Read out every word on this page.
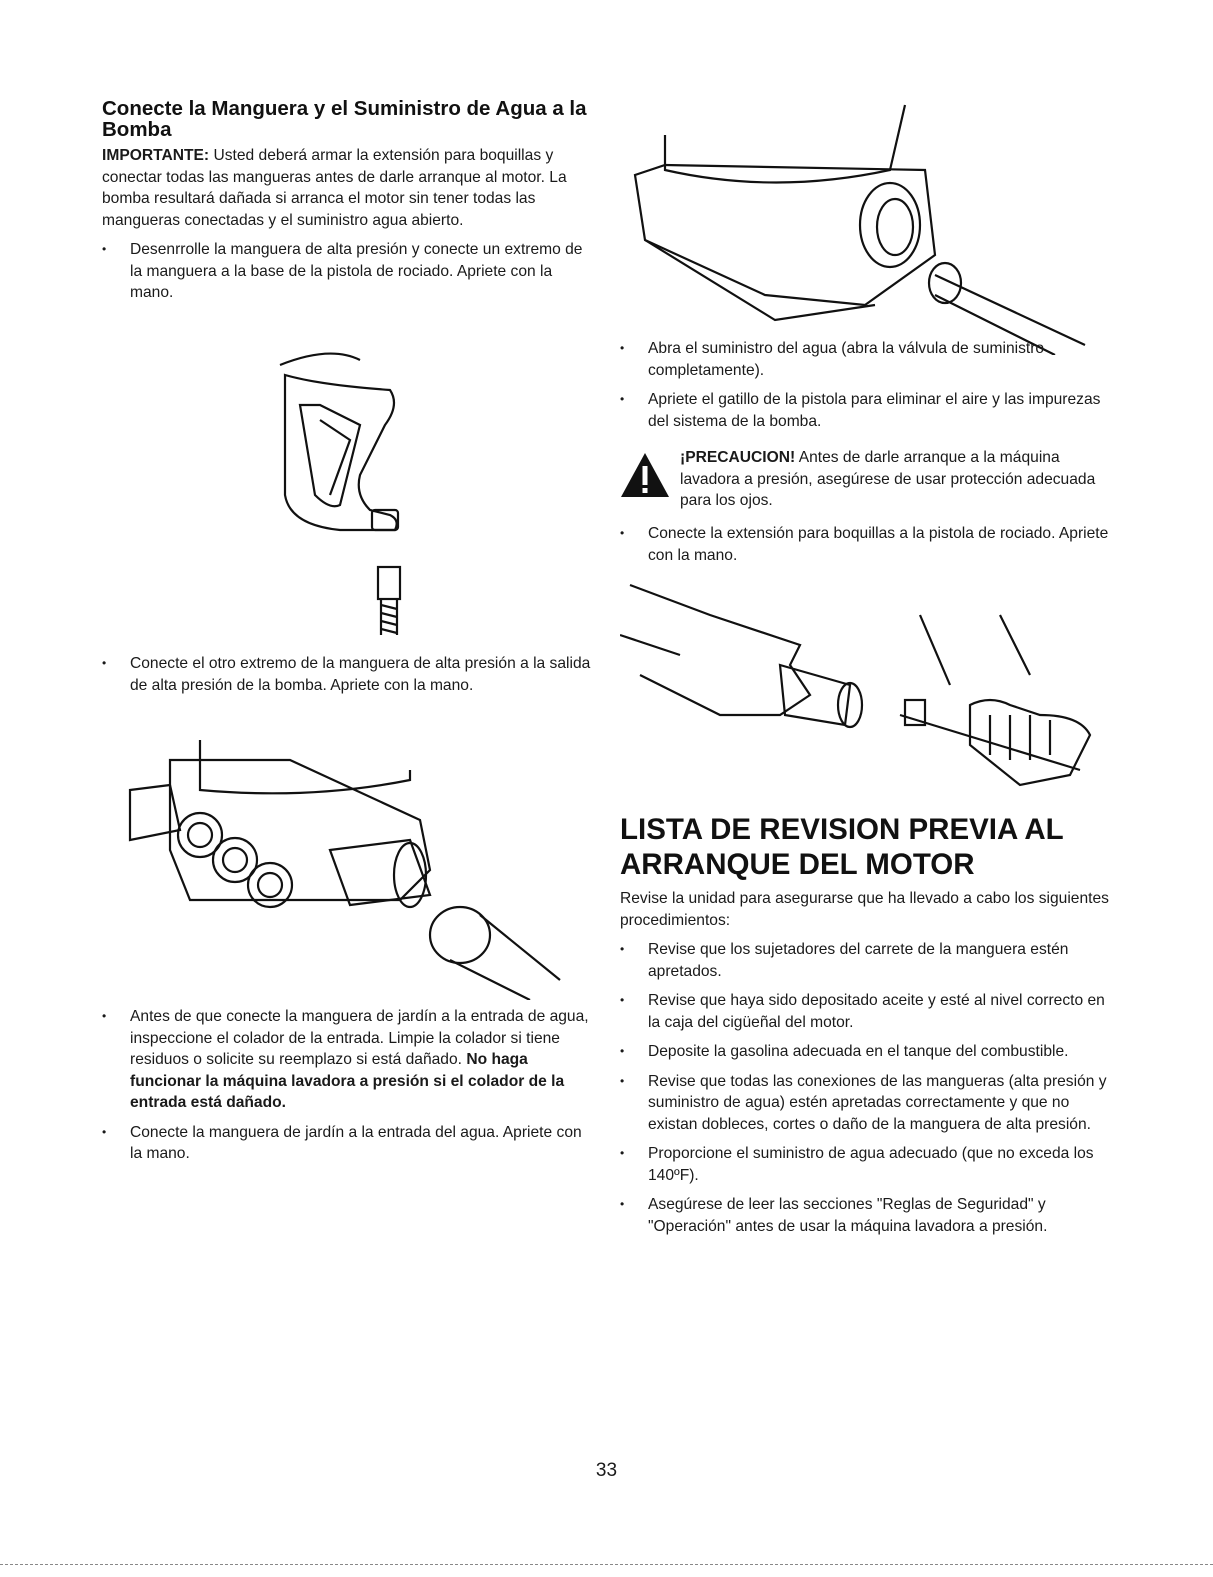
Conecte la Manguera y el Suministro de Agua a la Bomba

IMPORTANTE: Usted deberá armar la extensión para boquillas y conectar todas las mangueras antes de darle arranque al motor. La bomba resultará dañada si arranca el motor sin tener todas las mangueras conectadas y el suministro agua abierto.

• Desenrrolle la manguera de alta presión y conecte un extremo de la manguera a la base de la pistola de rociado. Apriete con la mano.
• Conecte el otro extremo de la manguera de alta presión a la salida de alta presión de la bomba. Apriete con la mano.
• Antes de que conecte la manguera de jardín a la entrada de agua, inspeccione el colador de la entrada. Limpie la colador si tiene residuos o solicite su reemplazo si está dañado. No haga funcionar la máquina lavadora a presión si el colador de la entrada está dañado.
• Conecte la manguera de jardín a la entrada del agua. Apriete con la mano.
• Abra el suministro del agua (abra la válvula de suministro completamente).
• Apriete el gatillo de la pistola para eliminar el aire y las impurezas del sistema de la bomba.
¡PRECAUCION! Antes de darle arranque a la máquina lavadora a presión, asegúrese de usar protección adecuada para los ojos.
• Conecte la extensión para boquillas a la pistola de rociado. Apriete con la mano.
LISTA DE REVISION PREVIA AL ARRANQUE DEL MOTOR

Revise la unidad para asegurarse que ha llevado a cabo los siguientes procedimientos:

• Revise que los sujetadores del carrete de la manguera estén apretados.
• Revise que haya sido depositado aceite y esté al nivel correcto en la caja del cigüeñal del motor.
• Deposite la gasolina adecuada en el tanque del combustible.
• Revise que todas las conexiones de las mangueras (alta presión y suministro de agua) estén apretadas correctamente y que no existan dobleces, cortes o daño de la manguera de alta presión.
• Proporcione el suministro de agua adecuado (que no exceda los 140ºF).
• Asegúrese de leer las secciones "Reglas de Seguridad" y "Operación" antes de usar la máquina lavadora a presión.
33
